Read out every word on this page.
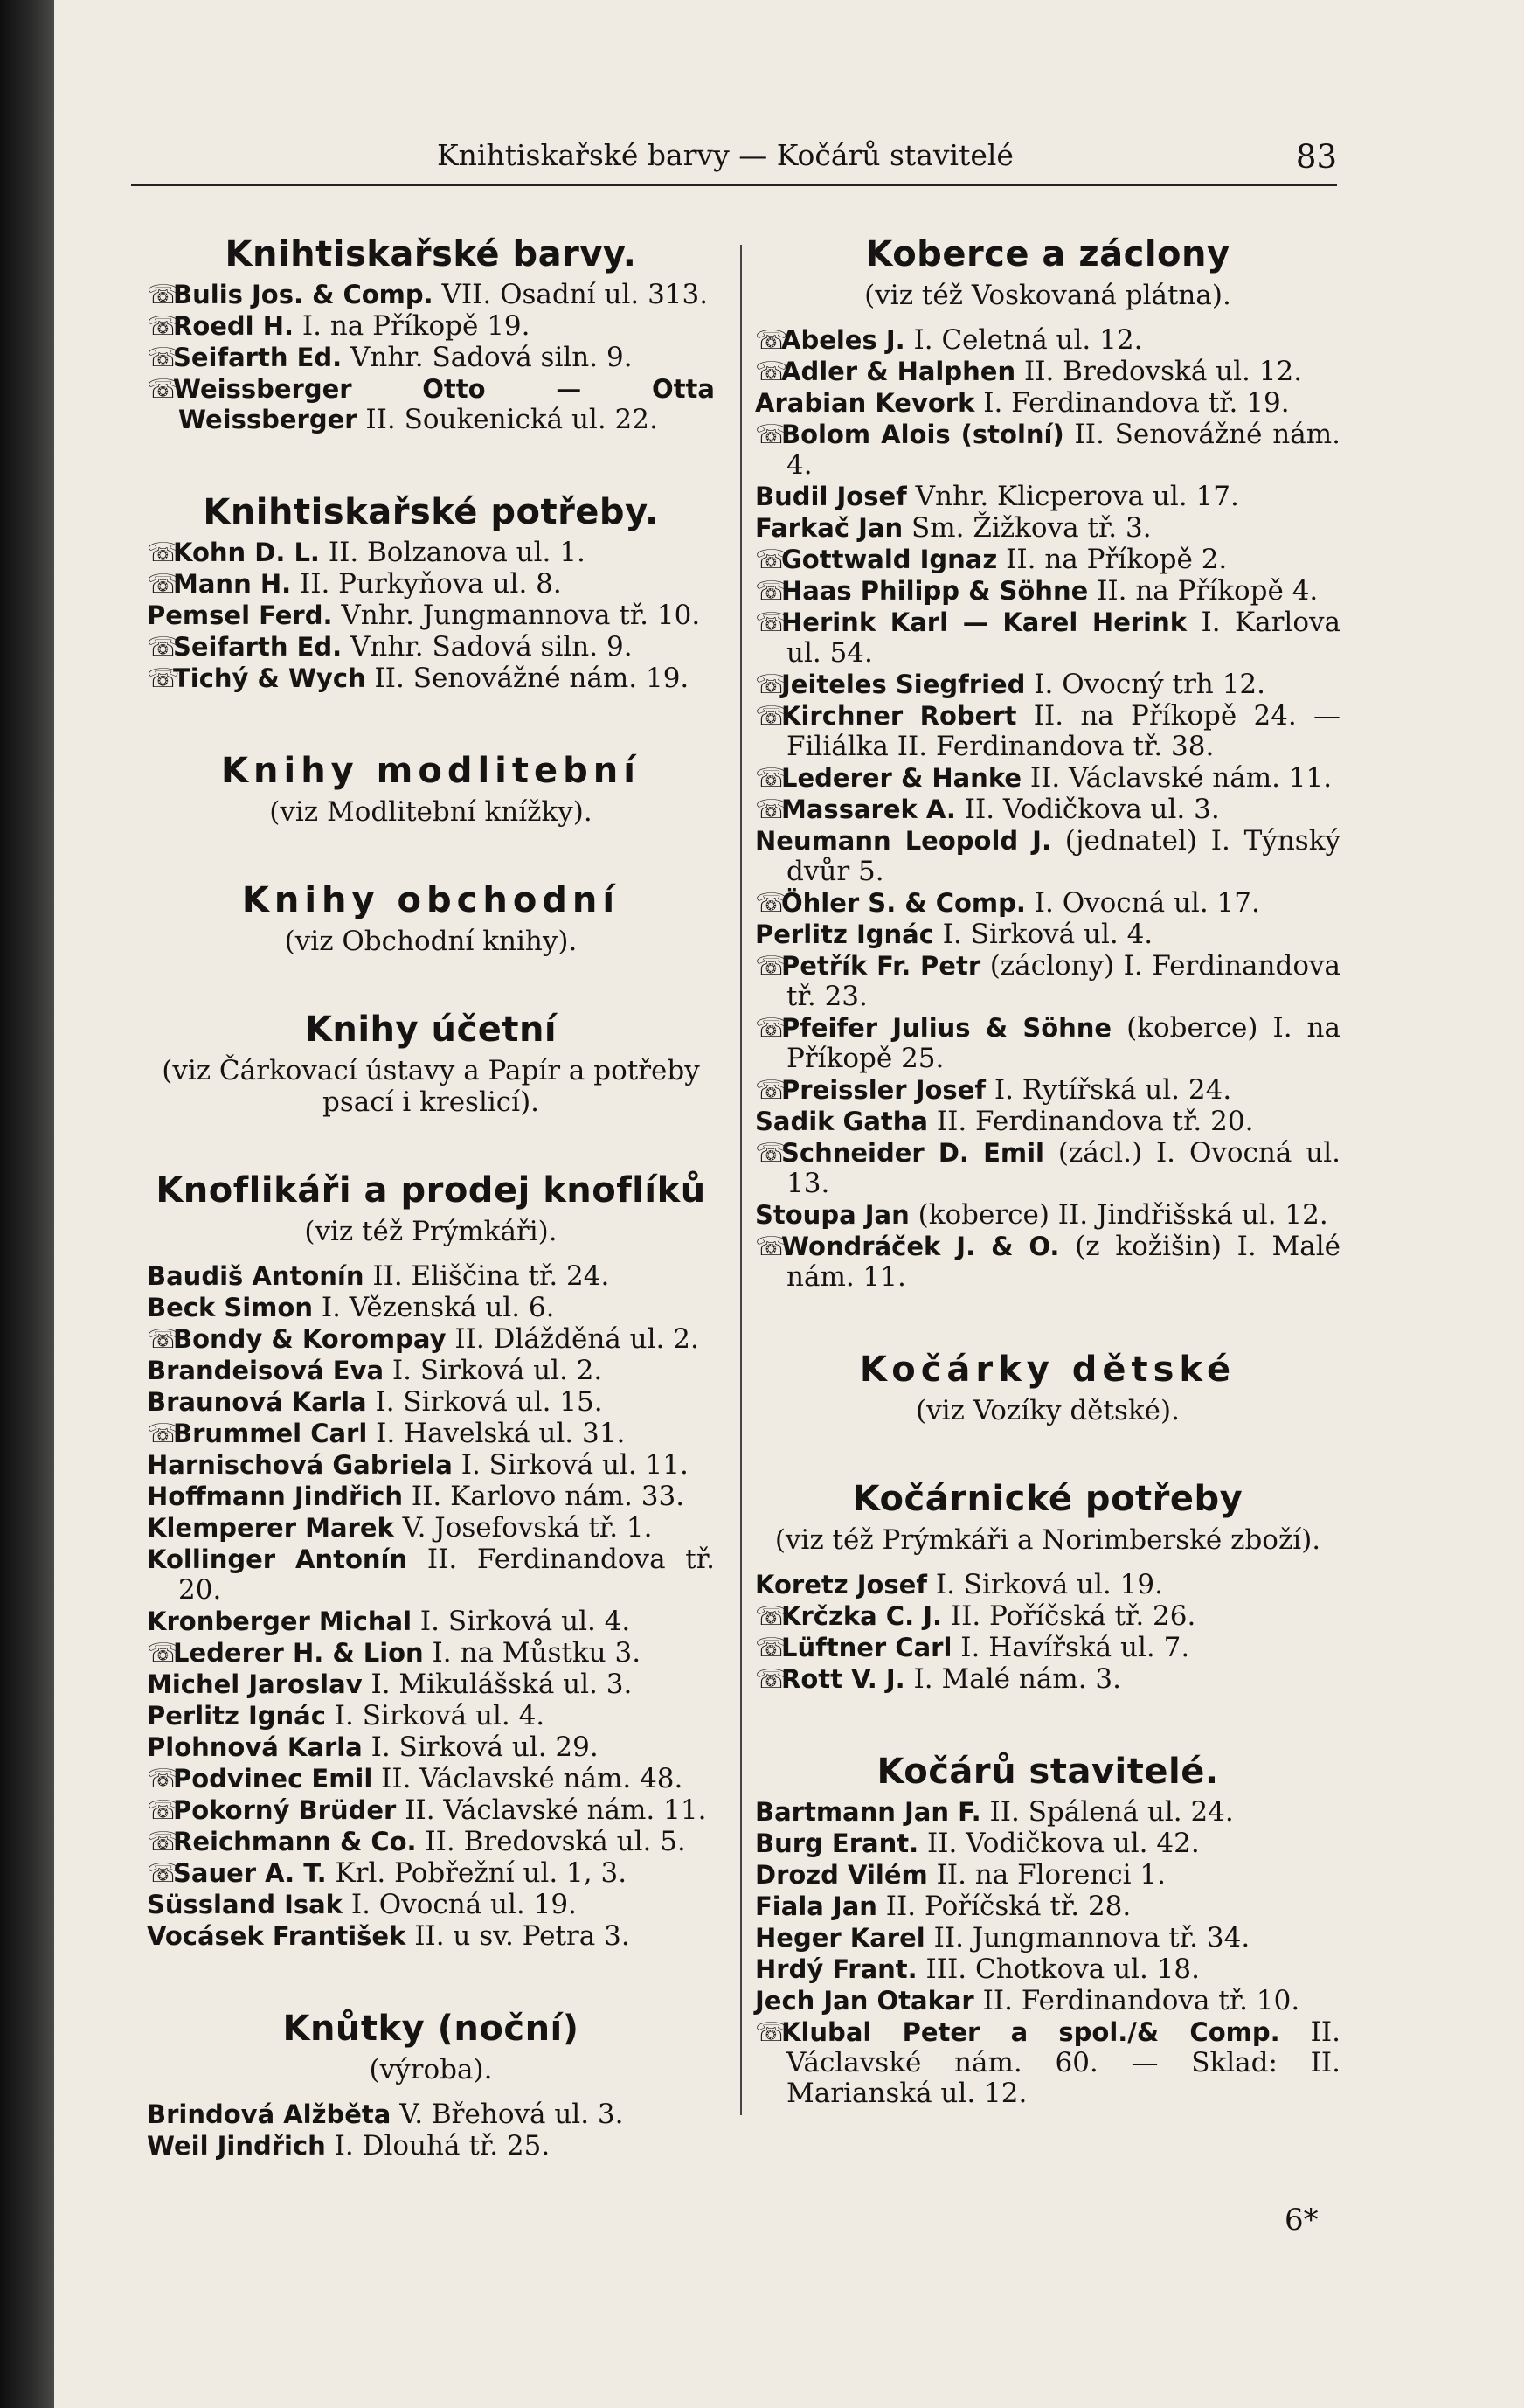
Knihtiskařské barvy — Kočárů stavitelé	83
Knihtiskařské barvy.
☏Bulis Jos. & Comp. VII. Osadní ul. 313.
☏Roedl H. I. na Příkopě 19.
☏Seifarth Ed. Vnhr. Sadová siln. 9.
☏Weissberger Otto — Otta Weissberger II. Soukenická ul. 22.
Knihtiskařské potřeby.
☏Kohn D. L. II. Bolzanova ul. 1.
☏Mann H. II. Purkyňova ul. 8.
Pemsel Ferd. Vnhr. Jungmannova tř. 10.
☏Seifarth Ed. Vnhr. Sadová siln. 9.
☏Tichý & Wych II. Senovážné nám. 19.
Knihy modlitební
(viz Modlitební knížky).
Knihy obchodní
(viz Obchodní knihy).
Knihy účetní
(viz Čárkovací ústavy a Papír a potřeby psací i kreslicí).
Knoflikáři a prodej knoflíků
(viz též Prýmkáři).
Baudiš Antonín II. Eliščina tř. 24.
Beck Simon I. Vězenská ul. 6.
☏Bondy & Korompay II. Dlážděná ul. 2.
Brandeisová Eva I. Sirková ul. 2.
Braunová Karla I. Sirková ul. 15.
☏Brummel Carl I. Havelská ul. 31.
Harnischová Gabriela I. Sirková ul. 11.
Hoffmann Jindřich II. Karlovo nám. 33.
Klemperer Marek V. Josefovská tř. 1.
Kollinger Antonín II. Ferdinandova tř. 20.
Kronberger Michal I. Sirková ul. 4.
☏Lederer H. & Lion I. na Můstku 3.
Michel Jaroslav I. Mikulášská ul. 3.
Perlitz Ignác I. Sirková ul. 4.
Plohnová Karla I. Sirková ul. 29.
☏Podvinec Emil II. Václavské nám. 48.
☏Pokorný Brüder II. Václavské nám. 11.
☏Reichmann & Co. II. Bredovská ul. 5.
☏Sauer A. T. Krl. Pobřežní ul. 1, 3.
Süssland Isak I. Ovocná ul. 19.
Vocásek František II. u sv. Petra 3.
Knůtky (noční)
(výroba).
Brindová Alžběta V. Břehová ul. 3.
Weil Jindřich I. Dlouhá tř. 25.
Koberce a záclony
(viz též Voskovaná plátna).
☏Abeles J. I. Celetná ul. 12.
☏Adler & Halphen II. Bredovská ul. 12.
Arabian Kevork I. Ferdinandova tř. 19.
☏Bolom Alois (stolní) II. Senovážné nám. 4.
Budil Josef Vnhr. Klicperova ul. 17.
Farkač Jan Sm. Žižkova tř. 3.
☏Gottwald Ignaz II. na Příkopě 2.
☏Haas Philipp & Söhne II. na Příkopě 4.
☏Herink Karl — Karel Herink I. Karlova ul. 54.
☏Jeiteles Siegfried I. Ovocný trh 12.
☏Kirchner Robert II. na Příkopě 24. — Filiálka II. Ferdinandova tř. 38.
☏Lederer & Hanke II. Václavské nám. 11.
☏Massarek A. II. Vodičkova ul. 3.
Neumann Leopold J. (jednatel) I. Týnský dvůr 5.
☏Öhler S. & Comp. I. Ovocná ul. 17.
Perlitz Ignác I. Sirková ul. 4.
☏Petřík Fr. Petr (záclony) I. Ferdinandova tř. 23.
☏Pfeifer Julius & Söhne (koberce) I. na Příkopě 25.
☏Preissler Josef I. Rytířská ul. 24.
Sadik Gatha II. Ferdinandova tř. 20.
☏Schneider D. Emil (zácl.) I. Ovocná ul. 13.
Stoupa Jan (koberce) II. Jindřišská ul. 12.
☏Wondráček J. & O. (z kožišin) I. Malé nám. 11.
Kočárky dětské
(viz Vozíky dětské).
Kočárnické potřeby
(viz též Prýmkáři a Norimberské zboží).
Koretz Josef I. Sirková ul. 19.
☏Krčzka C. J. II. Poříčská tř. 26.
☏Lüftner Carl I. Havířská ul. 7.
☏Rott V. J. I. Malé nám. 3.
Kočárů stavitelé.
Bartmann Jan F. II. Spálená ul. 24.
Burg Erant. II. Vodičkova ul. 42.
Drozd Vilém II. na Florenci 1.
Fiala Jan II. Poříčská tř. 28.
Heger Karel II. Jungmannova tř. 34.
Hrdý Frant. III. Chotkova ul. 18.
Jech Jan Otakar II. Ferdinandova tř. 10.
☏Klubal Peter a spol./& Comp. II. Václavské nám. 60. — Sklad: II. Marianská ul. 12.
6*
